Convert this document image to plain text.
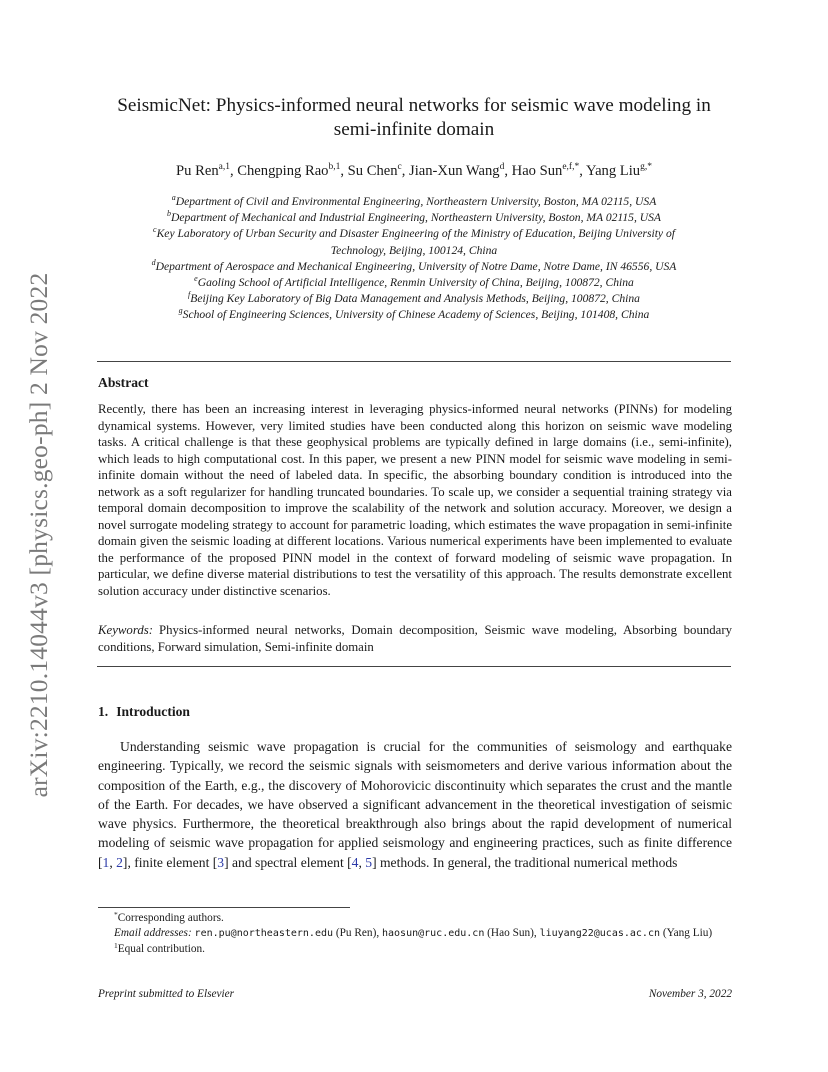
arXiv:2210.14044v3 [physics.geo-ph] 2 Nov 2022
SeismicNet: Physics-informed neural networks for seismic wave modeling in
semi-infinite domain
Pu Ren$^{a,1}$, Chengping Rao$^{b,1}$, Su Chen$^c$, Jian-Xun Wang$^d$, Hao Sun$^{e,f,*}$, Yang Liu$^{g,*}$
$^a$Department of Civil and Environmental Engineering, Northeastern University, Boston, MA 02115, USA
$^b$Department of Mechanical and Industrial Engineering, Northeastern University, Boston, MA 02115, USA
$^c$Key Laboratory of Urban Security and Disaster Engineering of the Ministry of Education, Beijing University of
Technology, Beijing, 100124, China
$^d$Department of Aerospace and Mechanical Engineering, University of Notre Dame, Notre Dame, IN 46556, USA
$^e$Gaoling School of Artificial Intelligence, Renmin University of China, Beijing, 100872, China
$^f$Beijing Key Laboratory of Big Data Management and Analysis Methods, Beijing, 100872, China
$^g$School of Engineering Sciences, University of Chinese Academy of Sciences, Beijing, 101408, China
Abstract
Recently, there has been an increasing interest in leveraging physics-informed neural networks (PINNs) for modeling dynamical systems. However, very limited studies have been conducted along this horizon on seismic wave modeling tasks. A critical challenge is that these geophysical problems are typically defined in large domains (i.e., semi-infinite), which leads to high computational cost. In this paper, we present a new PINN model for seismic wave modeling in semi-infinite domain without the need of labeled data. In specific, the absorbing boundary condition is introduced into the network as a soft regularizer for handling truncated boundaries. To scale up, we consider a sequential training strategy via temporal domain decomposition to improve the scalability of the network and solution accuracy. Moreover, we design a novel surrogate modeling strategy to account for parametric loading, which estimates the wave propagation in semi-infinite domain given the seismic loading at different locations. Various numerical experiments have been implemented to evaluate the performance of the proposed PINN model in the context of forward modeling of seismic wave propagation. In particular, we define diverse material distributions to test the versatility of this approach. The results demonstrate excellent solution accuracy under distinctive scenarios.
Keywords: Physics-informed neural networks, Domain decomposition, Seismic wave modeling, Absorbing boundary conditions, Forward simulation, Semi-infinite domain
1. Introduction
Understanding seismic wave propagation is crucial for the communities of seismology and earthquake engineering. Typically, we record the seismic signals with seismometers and derive various information about the composition of the Earth, e.g., the discovery of Mohorovicic discontinuity which separates the crust and the mantle of the Earth. For decades, we have observed a significant advancement in the theoretical investigation of seismic wave physics. Furthermore, the theoretical breakthrough also brings about the rapid development of numerical modeling of seismic wave propagation for applied seismology and engineering practices, such as finite difference [1, 2], finite element [3] and spectral element [4, 5] methods. In general, the traditional numerical methods
*Corresponding authors.
Email addresses: ren.pu@northeastern.edu (Pu Ren), haosun@ruc.edu.cn (Hao Sun), liuyang22@ucas.ac.cn (Yang Liu)
$^1$Equal contribution.
Preprint submitted to Elsevier	November 3, 2022
